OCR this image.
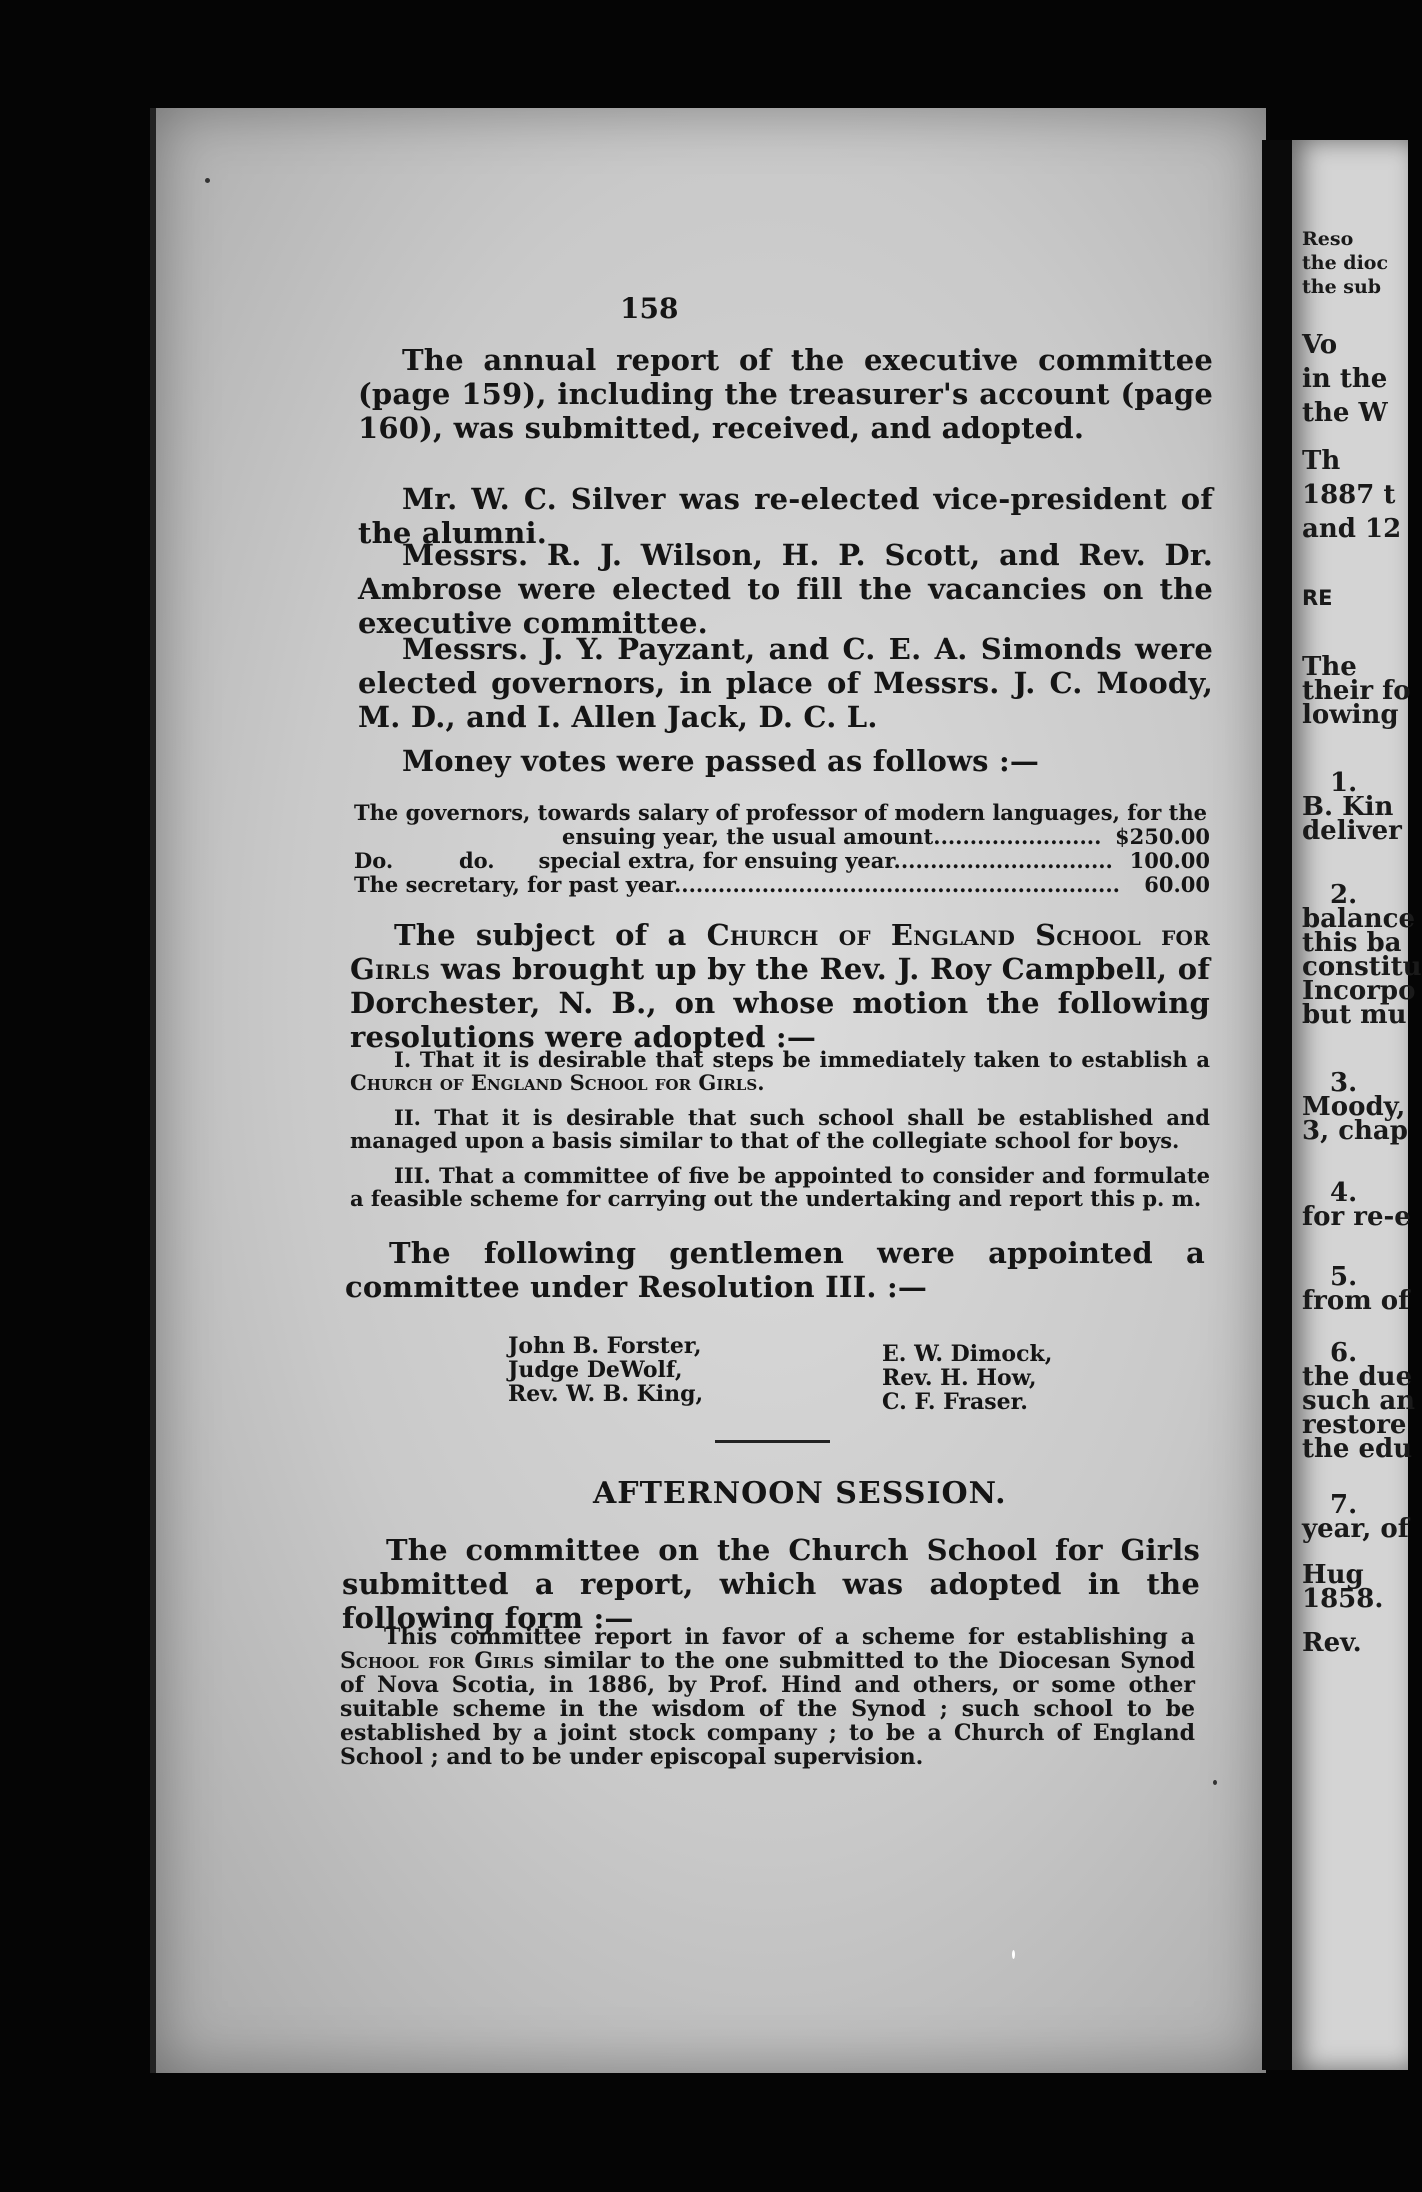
Reso
the dioc
the sub
Vo
in the
the W
Th
1887 t
and 12
RE
The
their fo
lowing
1.
B. Kin
deliver
2.
balance
this ba
constitu
Incorpo
but mu
3.
Moody,
3, chap
4.
for re-e
5.
from of
6.
the due
such an
restore
the edu
7.
year, of
Hug
1858.
Rev.
158
The annual report of the executive committee (page 159), including the treasurer's account (page 160), was submitted, received, and adopted.
Mr. W. C. Silver was re-elected vice-president of the alumni.
Messrs. R. J. Wilson, H. P. Scott, and Rev. Dr. Ambrose were elected to fill the vacancies on the executive committee.
Messrs. J. Y. Payzant, and C. E. A. Simonds were elected governors, in place of Messrs. J. C. Moody, M. D., and I. Allen Jack, D. C. L.
Money votes were passed as follows :—
The governors, towards salary of professor of modern languages, for the
ensuing year, the usual amount....................... $250.00
Do.         do.      special extra, for ensuing year.............................. 100.00
The secretary, for past year.............................................................	60.00
The subject of a Church of England School for Girls was brought up by the Rev. J. Roy Campbell, of Dorchester, N. B., on whose motion the following resolutions were adopted :—
I. That it is desirable that steps be immediately taken to establish a Church of England School for Girls.
II. That it is desirable that such school shall be established and managed upon a basis similar to that of the collegiate school for boys.
III. That a committee of five be appointed to consider and formulate a feasible scheme for carrying out the undertaking and report this p. m.
The following gentlemen were appointed a committee under Resolution III. :—
John B. Forster,
Judge DeWolf,
Rev. W. B. King,
E. W. Dimock,
Rev. H. How,
C. F. Fraser.
AFTERNOON SESSION.
The committee on the Church School for Girls submitted a report, which was adopted in the following form :—
This committee report in favor of a scheme for establishing a School for Girls similar to the one submitted to the Diocesan Synod of Nova Scotia, in 1886, by Prof. Hind and others, or some other suitable scheme in the wisdom of the Synod ; such school to be established by a joint stock company ; to be a Church of England School ; and to be under episcopal supervision.
